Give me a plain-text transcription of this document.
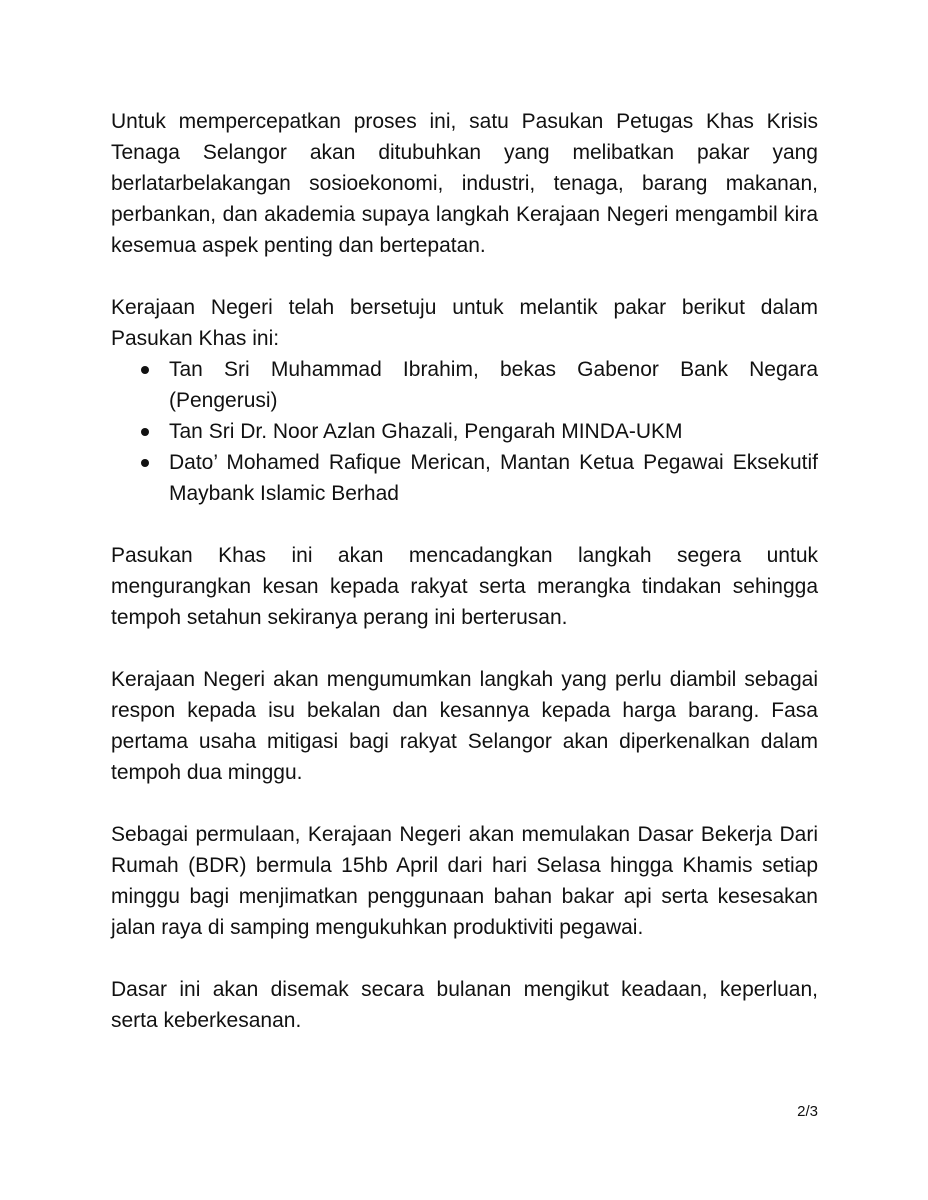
Untuk mempercepatkan proses ini, satu Pasukan Petugas Khas Krisis Tenaga Selangor akan ditubuhkan yang melibatkan pakar yang berlatarbelakangan sosioekonomi, industri, tenaga, barang makanan, perbankan, dan akademia supaya langkah Kerajaan Negeri mengambil kira kesemua aspek penting dan bertepatan.

Kerajaan Negeri telah bersetuju untuk melantik pakar berikut dalam Pasukan Khas ini:

Tan Sri Muhammad Ibrahim, bekas Gabenor Bank Negara (Pengerusi)
Tan Sri Dr. Noor Azlan Ghazali, Pengarah MINDA-UKM
Dato’ Mohamed Rafique Merican, Mantan Ketua Pegawai Eksekutif Maybank Islamic Berhad

Pasukan Khas ini akan mencadangkan langkah segera untuk mengurangkan kesan kepada rakyat serta merangka tindakan sehingga tempoh setahun sekiranya perang ini berterusan.

Kerajaan Negeri akan mengumumkan langkah yang perlu diambil sebagai respon kepada isu bekalan dan kesannya kepada harga barang. Fasa pertama usaha mitigasi bagi rakyat Selangor akan diperkenalkan dalam tempoh dua minggu.

Sebagai permulaan, Kerajaan Negeri akan memulakan Dasar Bekerja Dari Rumah (BDR) bermula 15hb April dari hari Selasa hingga Khamis setiap minggu bagi menjimatkan penggunaan bahan bakar api serta kesesakan jalan raya di samping mengukuhkan produktiviti pegawai.

Dasar ini akan disemak secara bulanan mengikut keadaan, keperluan, serta keberkesanan.

2/3
